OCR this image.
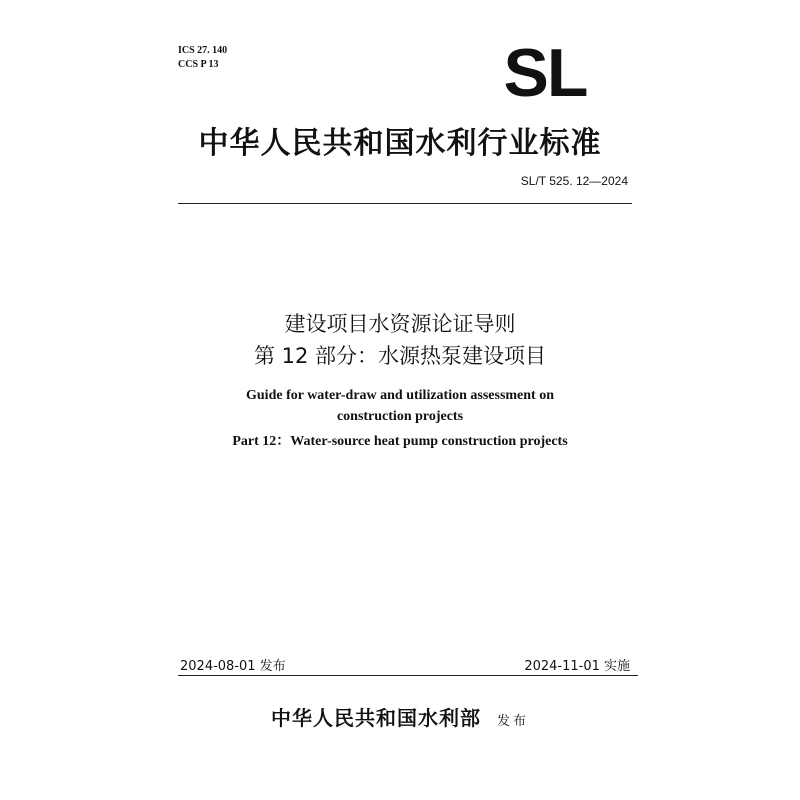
ICS 27. 140
CCS P 13	SL
中华人民共和国水利行业标准
SL/T 525. 12—2024
建设项目水资源论证导则
第 12 部分：水源热泵建设项目
Guide for water-draw and utilization assessment on
construction projects
Part 12：Water-source heat pump construction projects
2024-08-01 发布	2024-11-01 实施
中华人民共和国水利部 发布
